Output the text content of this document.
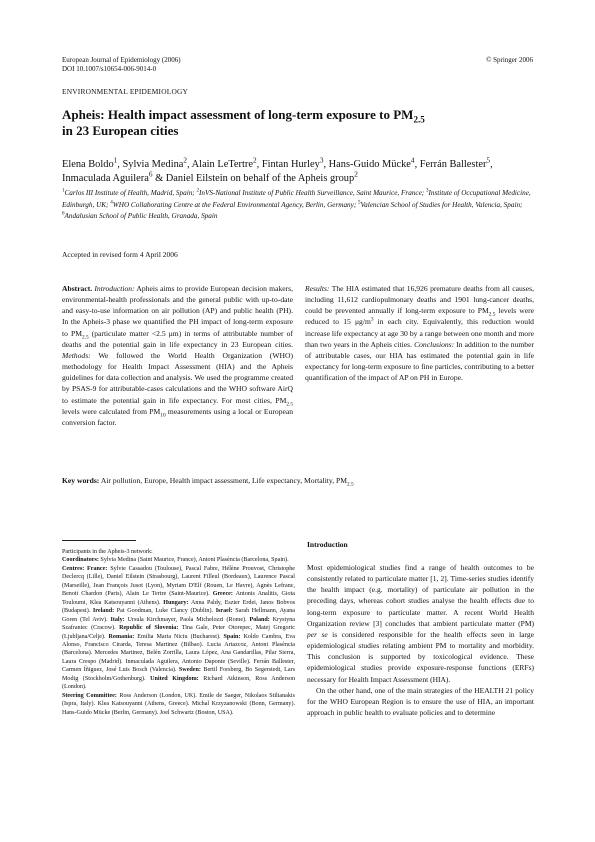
European Journal of Epidemiology (2006)
DOI 10.1007/s10654-006-9014-0
© Springer 2006
ENVIRONMENTAL EPIDEMIOLOGY
Apheis: Health impact assessment of long-term exposure to $PM_{2.5}$
in 23 European cities
Elena Boldo$^1$, Sylvia Medina$^2$, Alain LeTertre$^2$, Fintan Hurley$^3$, Hans-Guido Mücke$^4$, Ferrán Ballester$^5$, Inmaculada Aguilera$^6$ & Daniel Eilstein on behalf of the Apheis group$^2$
$^1$Carlos III Institute of Health, Madrid, Spain; $^2$InVS-National Institute of Public Health Surveillance, Saint Maurice, France; $^3$Institute of Occupational Medicine, Edinburgh, UK; $^4$WHO Collaborating Centre at the Federal Environmental Agency, Berlin, Germany; $^5$Valencian School of Studies for Health, Valencia, Spain; $^6$Andalusian School of Public Health, Granada, Spain
Accepted in revised form 4 April 2006
Abstract. Introduction: Apheis aims to provide European decision makers, environmental-health professionals and the general public with up-to-date and easy-to-use information on air pollution (AP) and public health (PH). In the Apheis-3 phase we quantified the PH impact of long-term exposure to $PM_{2.5}$ (particulate matter <2.5 μm) in terms of attributable number of deaths and the potential gain in life expectancy in 23 European cities. Methods: We followed the World Health Organization (WHO) methodology for Health Impact Assessment (HIA) and the Apheis guidelines for data collection and analysis. We used the programme created by PSAS-9 for attributable-cases calculations and the WHO software AirQ to estimate the potential gain in life expectancy. For most cities, $PM_{2.5}$ levels were calculated from $PM_{10}$ measurements using a local or European conversion factor.
Results: The HIA estimated that 16,926 premature deaths from all causes, including 11,612 cardiopulmonary deaths and 1901 lung-cancer deaths, could be prevented annually if long-term exposure to $PM_{2.5}$ levels were reduced to 15 $\mu g/m^3$ in each city. Equivalently, this reduction would increase life expectancy at age 30 by a range between one month and more than two years in the Apheis cities. Conclusions: In addition to the number of attributable cases, our HIA has estimated the potential gain in life expectancy for long-term exposure to fine particles, contributing to a better quantification of the impact of AP on PH in Europe.
Key words: Air pollution, Europe, Health impact assessment, Life expectancy, Mortality, $PM_{2.5}$
Participants in the Apheis-3 network:
Coordinators: Sylvia Medina (Saint Maurice, France), Antoni Plasència (Barcelona, Spain).
Centres: France: Sylvie Cassadou (Toulouse), Pascal Fabre, Hélène Prouvost, Christophe Declercq (Lille), Daniel Eilstein (Strasbourg), Laurent Filleul (Bordeaux), Laurence Pascal (Marseille), Jean François Jusot (Lyon), Myriam D'Elf (Rouen, Le Havre), Agnès Lefranc, Benoit Chardon (Paris), Alain Le Tertre (Saint-Maurice). Greece: Antonis Analitis, Giota Touloumi, Klea Katsouyanni (Athens). Hungary: Anna Paldy, Eszter Erdei, Janos Bobvos (Budapest). Ireland: Pat Goodman, Luke Clancy (Dublin). Israel: Sarah Hellmann, Ayana Goren (Tel Aviv). Italy: Ursula Kirchmayer, Paola Michelozzi (Rome). Poland: Krystyna Szafraniec (Cracow). Republic of Slovenia: Tina Gale, Peter Otorepec, Matej Gregoric (Ljubljana/Celje). Romania: Emilia Maria Niciu (Bucharest). Spain: Koldo Cambra, Eva Alonso, Francisco Cirarda, Teresa Martinez (Bilbao). Lucia Artazcoz, Antoni Plasència (Barcelona). Mercedes Martinez, Belén Zorrilla, Laura López, Ana Gandarillas, Pilar Sierra, Laura Crespo (Madrid). Inmaculada Aguilera, Antonio Daponte (Seville). Ferrán Ballester, Carmen Íñiguez, José Luis Bosch (Valencia). Sweden: Bertil Forsberg, Bo Segerstedt, Lars Modig (Stockholm/Gothenburg). United Kingdom: Richard Atkinson, Ross Anderson (London).
Steering Committee: Ross Anderson (London, UK). Emile de Saeger, Nikolaos Stilianakis (Ispra, Italy). Klea Katsouyanni (Athens, Greece). Michal Krzyzanowski (Bonn, Germany). Hans-Guido Mücke (Berlin, Germany). Joel Schwartz (Boston, USA).
Introduction

Most epidemiological studies find a range of health outcomes to be consistently related to particulate matter [1, 2]. Time-series studies identify the health impact (e.g. mortality) of particulate air pollution in the preceding days, whereas cohort studies analyse the health effects due to long-term exposure to particulate matter. A recent World Health Organization review [3] concludes that ambient particulate matter (PM) per se is considered responsible for the health effects seen in large epidemiological studies relating ambient PM to mortality and morbidity. This conclusion is supported by toxicological evidence. These epidemiological studies provide exposure-response functions (ERFs) necessary for Health Impact Assessment (HIA).

On the other hand, one of the main strategies of the HEALTH 21 policy for the WHO European Region is to ensure the use of HIA, an important approach in public health to evaluate policies and to determine
